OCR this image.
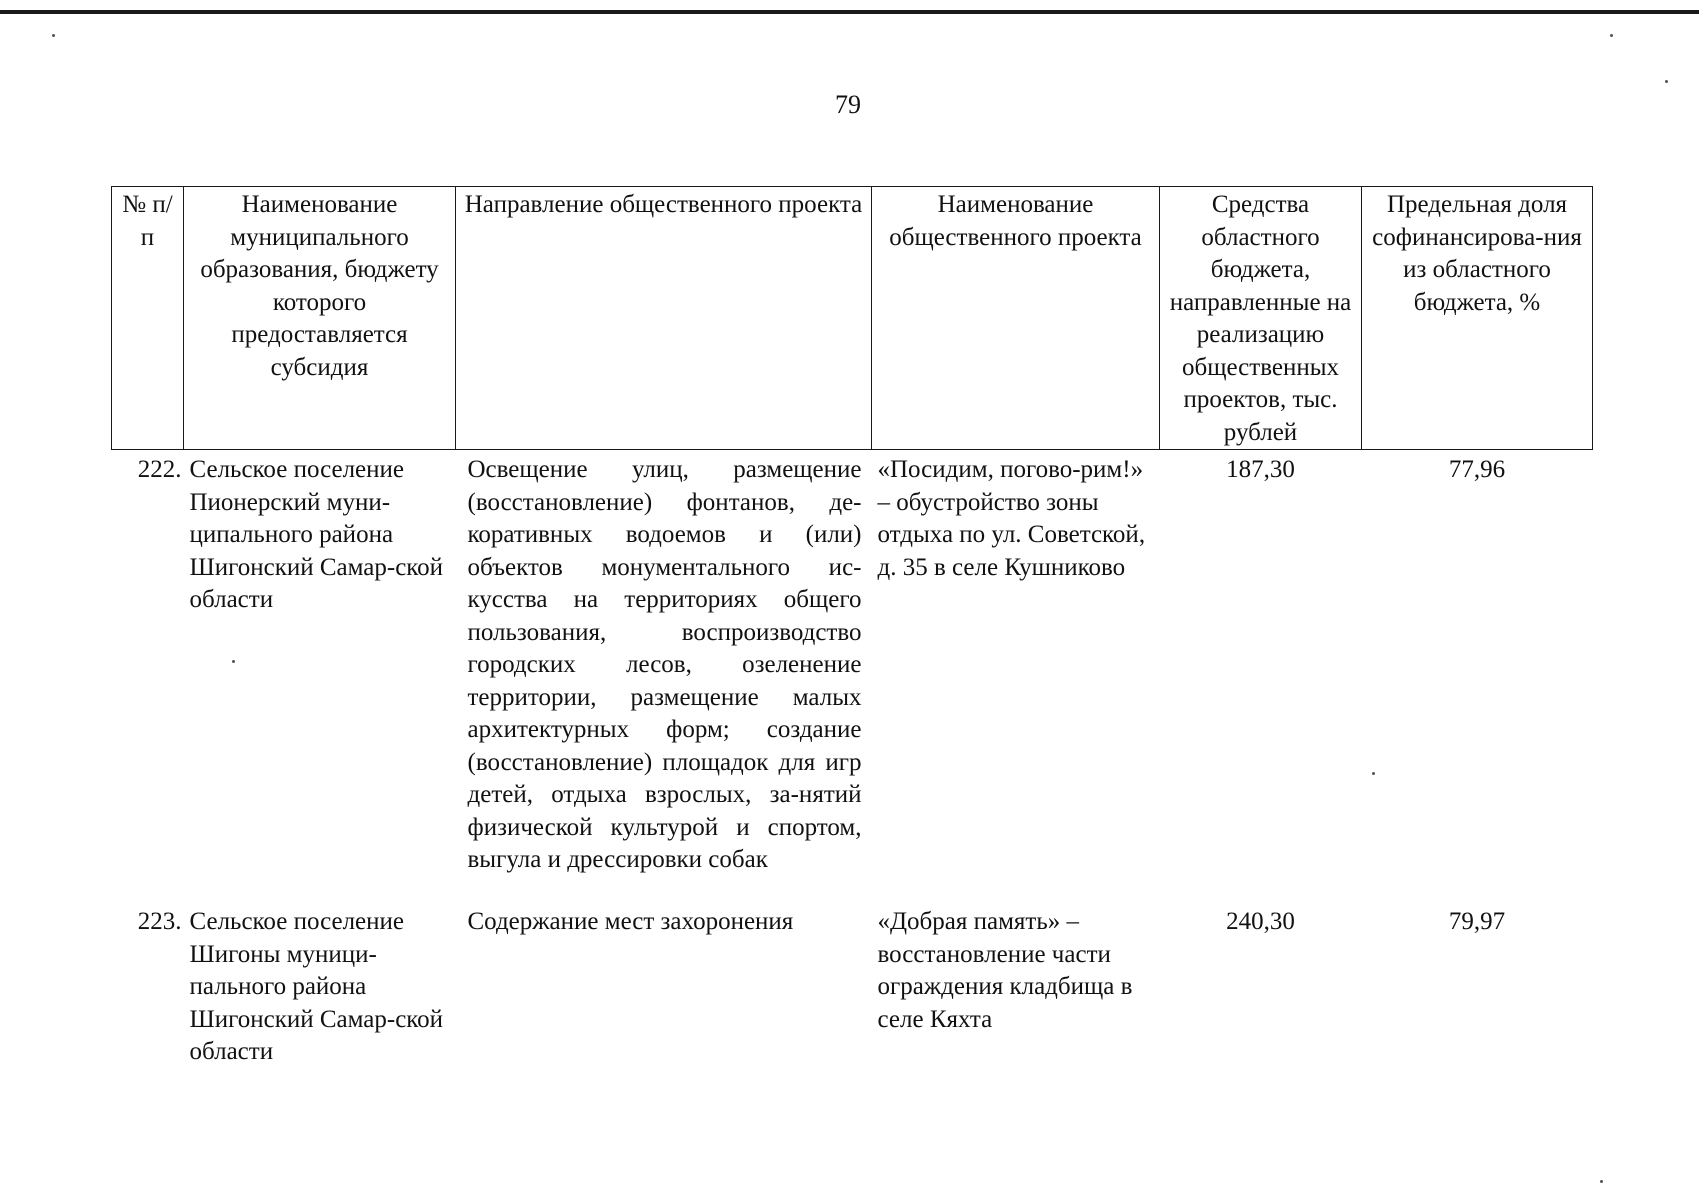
79
№ п/п	Наименование муниципального образования, бюджету которого предоставляется субсидия	Направление общественного проекта	Наименование общественного проекта	Средства областного бюджета, направленные на реализацию общественных проектов, тыс. рублей	Предельная доля софинансирова-ния из областного бюджета, %
222.	Сельское поселение Пионерский муни-ципального района Шигонский Самар-ской области	Освещение улиц, размещение (восстановление) фонтанов, де-коративных водоемов и (или) объектов монументального ис-кусства на территориях общего пользования, воспроизводство городских лесов, озеленение территории, размещение малых архитектурных форм; создание (восстановление) площадок для игр детей, отдыха взрослых, за-нятий физической культурой и спортом, выгула и дрессировки собак	«Посидим, погово-рим!» – обустройство зоны отдыха по ул. Советской, д. 35 в селе Кушниково	187,30	77,96
223.	Сельское поселение Шигоны муници-пального района Шигонский Самар-ской области	Содержание мест захоронения	«Добрая память» – восстановление части ограждения кладбища в селе Кяхта	240,30	79,97
